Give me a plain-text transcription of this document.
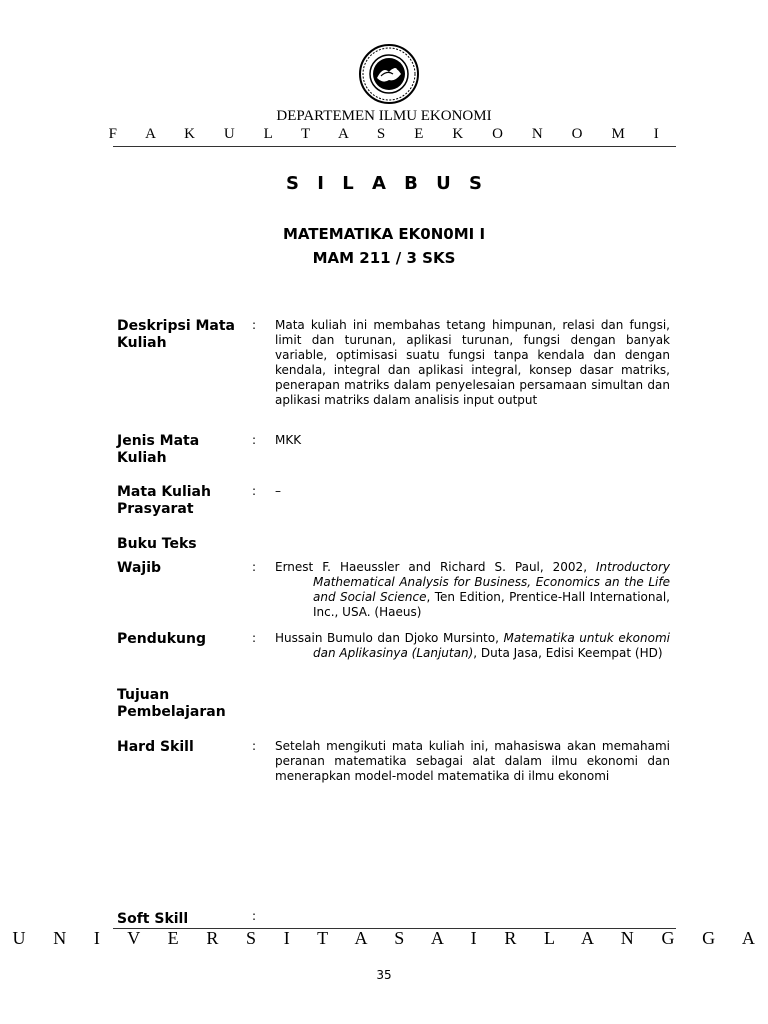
DEPARTEMEN ILMU EKONOMI
F A K U L T A S E K O N O M I
S I L A B U S
MATEMATIKA EK0N0MI I
MAM 211 / 3 SKS
Deskripsi Mata Kuliah
: Mata kuliah ini membahas tetang himpunan, relasi dan fungsi, limit dan turunan, aplikasi turunan, fungsi dengan banyak variable, optimisasi suatu fungsi tanpa kendala dan dengan kendala, integral dan aplikasi integral, konsep dasar matriks, penerapan matriks dalam penyelesaian persamaan simultan dan aplikasi matriks dalam analisis input output
Jenis Mata Kuliah
: MKK
Mata Kuliah Prasyarat
: –
Buku Teks
Wajib	: Ernest F. Haeussler and Richard S. Paul, 2002, Introductory Mathematical Analysis for Business, Economics an the Life and Social Science, Ten Edition, Prentice-Hall International, Inc., USA. (Haeus)
Pendukung	: Hussain Bumulo dan Djoko Mursinto, Matematika untuk ekonomi dan Aplikasinya (Lanjutan), Duta Jasa, Edisi Keempat (HD)
Tujuan Pembelajaran
Hard Skill	: Setelah mengikuti mata kuliah ini, mahasiswa akan memahami peranan matematika sebagai alat dalam ilmu ekonomi dan menerapkan model-model matematika di ilmu ekonomi
Soft Skill	:
U N I V E R S I T A S A I R L A N G G A
35
